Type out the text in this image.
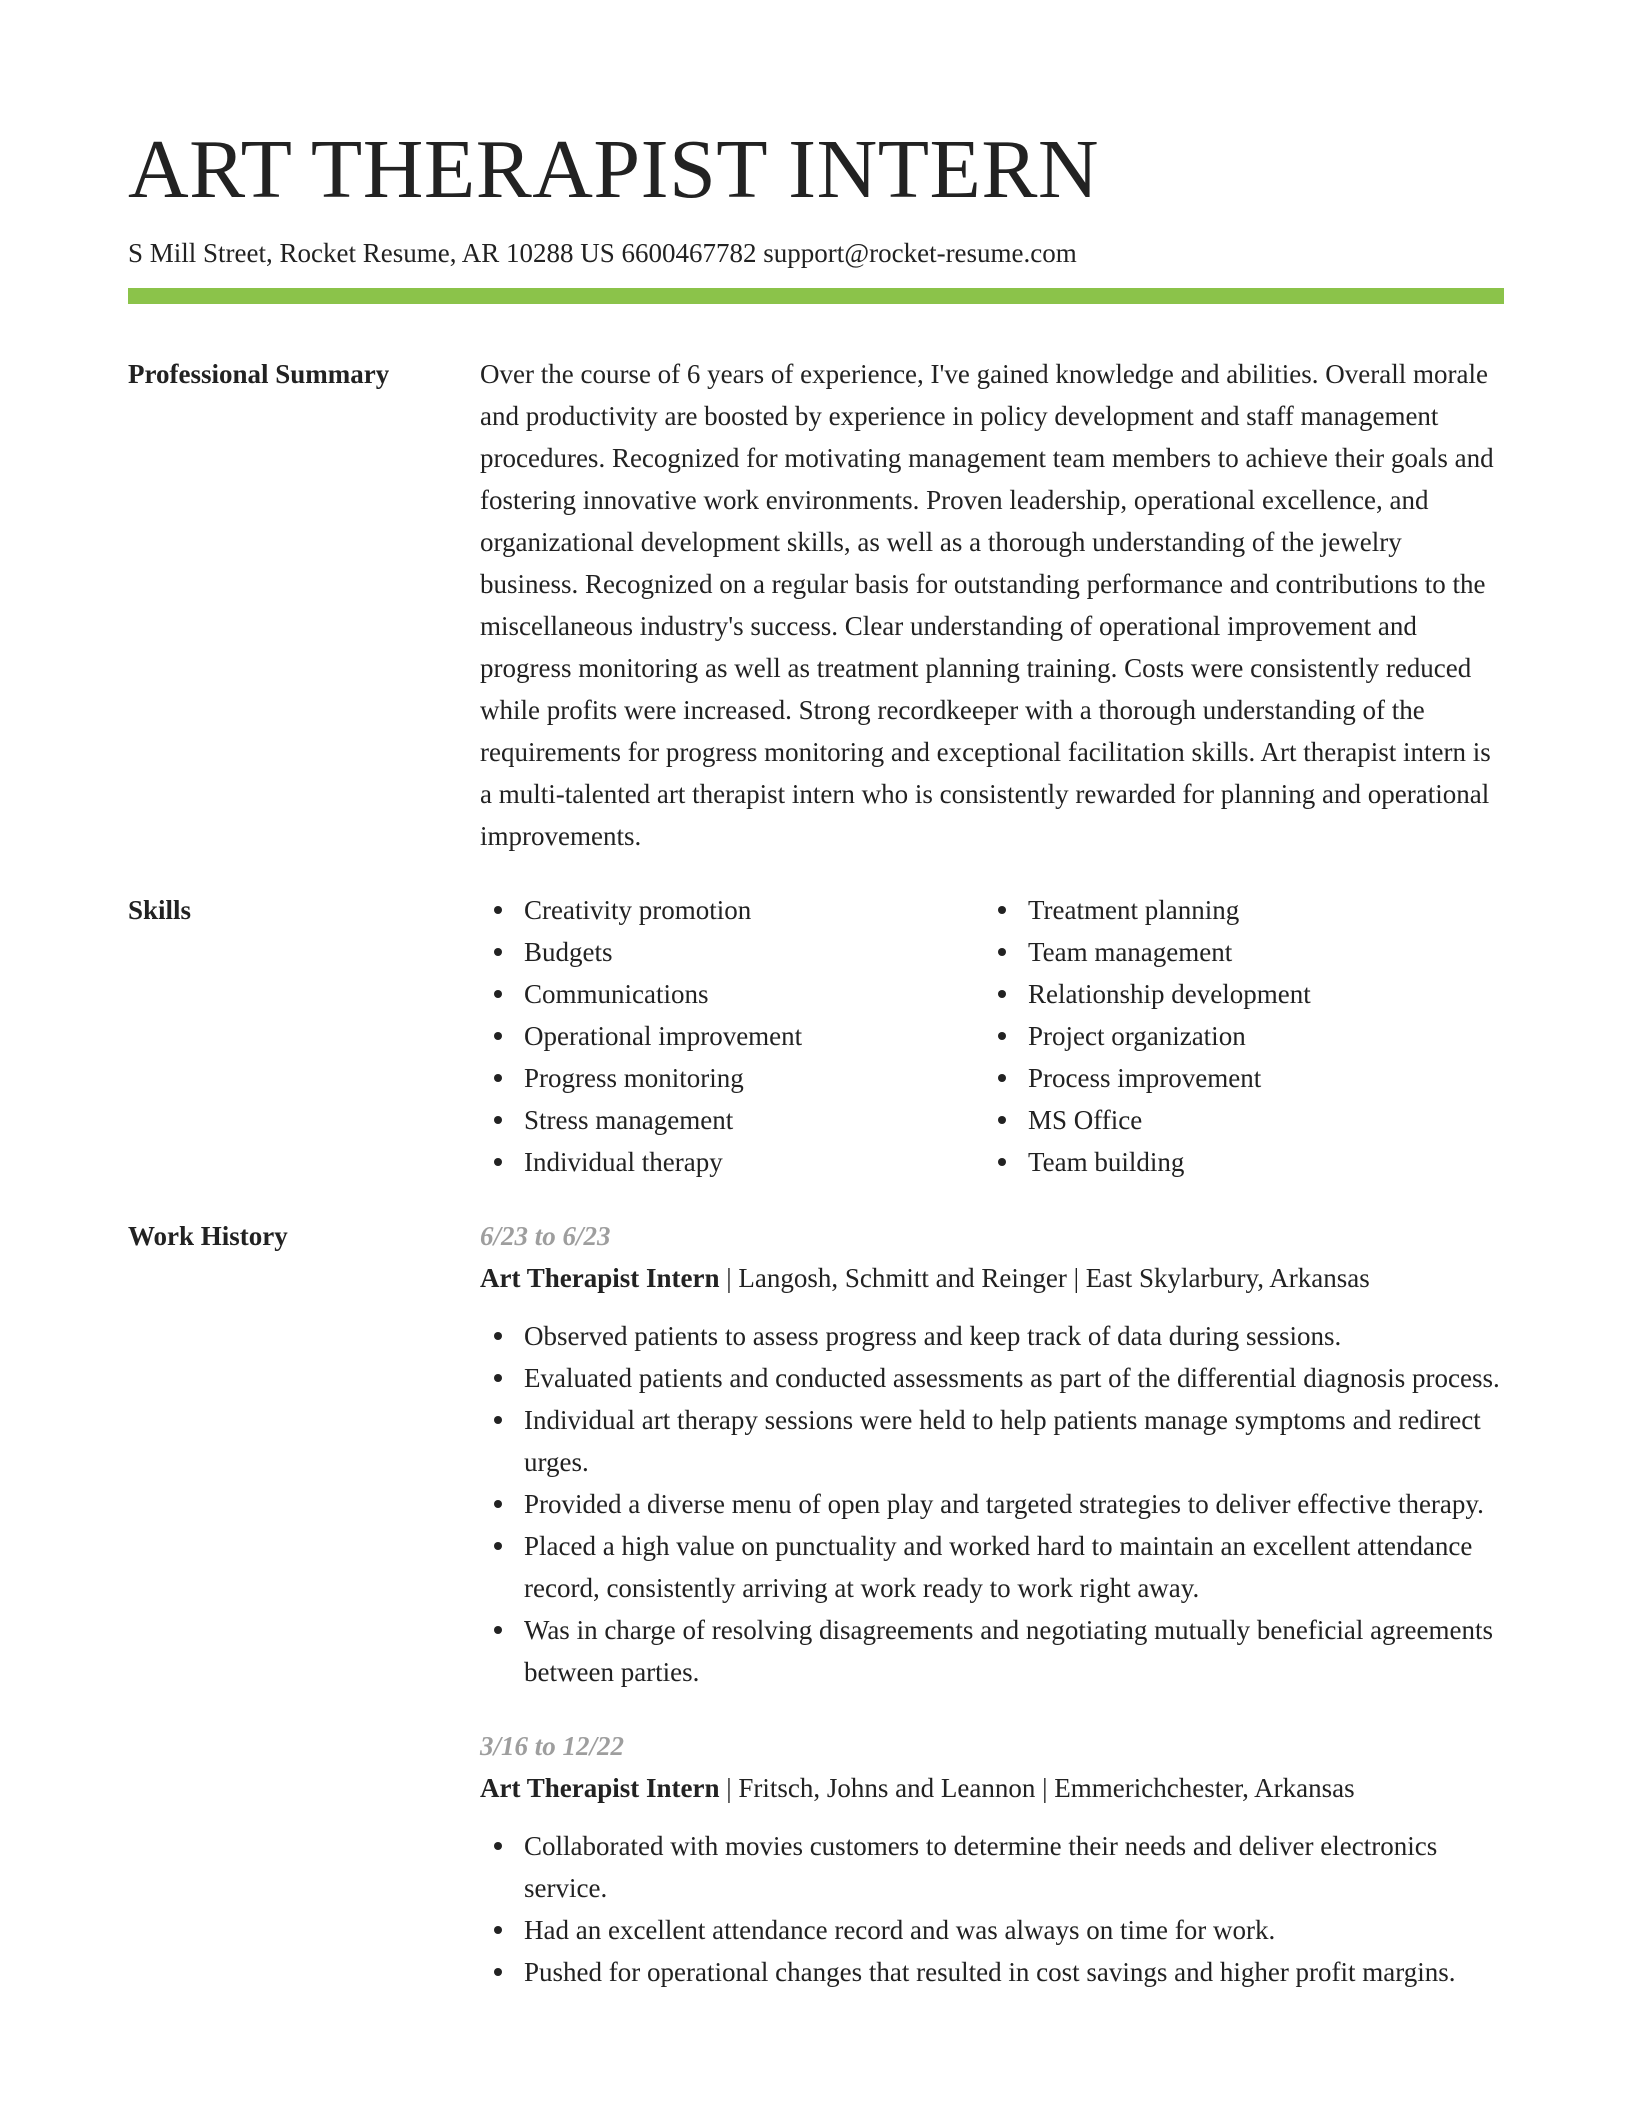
ART THERAPIST INTERN
S Mill Street, Rocket Resume, AR 10288 US 6600467782 support@rocket-resume.com
Professional Summary	Over the course of 6 years of experience, I've gained knowledge and abilities. Overall morale and productivity are boosted by experience in policy development and staff management procedures. Recognized for motivating management team members to achieve their goals and fostering innovative work environments. Proven leadership, operational excellence, and organizational development skills, as well as a thorough understanding of the jewelry business. Recognized on a regular basis for outstanding performance and contributions to the miscellaneous industry's success. Clear understanding of operational improvement and progress monitoring as well as treatment planning training. Costs were consistently reduced while profits were increased. Strong recordkeeper with a thorough understanding of the requirements for progress monitoring and exceptional facilitation skills. Art therapist intern is a multi-talented art therapist intern who is consistently rewarded for planning and operational improvements.
Skills	Creativity promotion
Budgets
Communications
Operational improvement
Progress monitoring
Stress management
Individual therapy
Treatment planning
Team management
Relationship development
Project organization
Process improvement
MS Office
Team building
Work History	6/23 to 6/23
Art Therapist Intern | Langosh, Schmitt and Reinger | East Skylarbury, Arkansas
Observed patients to assess progress and keep track of data during sessions.
Evaluated patients and conducted assessments as part of the differential diagnosis process.
Individual art therapy sessions were held to help patients manage symptoms and redirect urges.
Provided a diverse menu of open play and targeted strategies to deliver effective therapy.
Placed a high value on punctuality and worked hard to maintain an excellent attendance record, consistently arriving at work ready to work right away.
Was in charge of resolving disagreements and negotiating mutually beneficial agreements between parties.
3/16 to 12/22
Art Therapist Intern | Fritsch, Johns and Leannon | Emmerichchester, Arkansas
Collaborated with movies customers to determine their needs and deliver electronics service.
Had an excellent attendance record and was always on time for work.
Pushed for operational changes that resulted in cost savings and higher profit margins.
